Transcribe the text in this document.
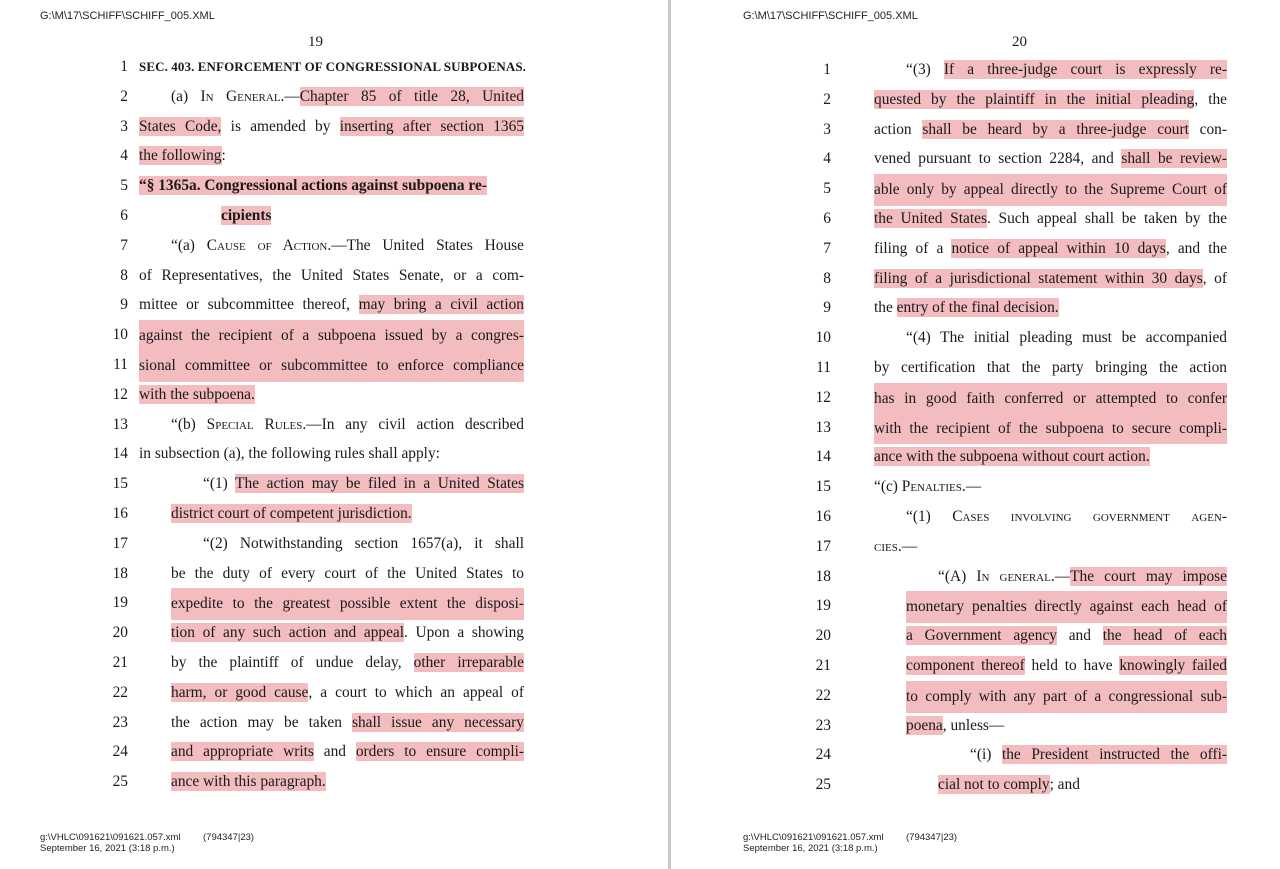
G:\M\17\SCHIFF\SCHIFF_005.XML
19
1
2
3
4
5
6
7
8
9
10
11
12
13
14
15
16
17
18
19
20
21
22
23
24
25
SEC. 403. ENFORCEMENT OF CONGRESSIONAL SUBPOENAS.
(a) In General.—Chapter 85 of title 28, United
States Code, is amended by inserting after section 1365
the following:
“§ 1365a. Congressional actions against subpoena re-
cipients
“(a) Cause of Action.—The United States House
of Representatives, the United States Senate, or a com-
mittee or subcommittee thereof, may bring a civil action
against the recipient of a subpoena issued by a congres-
sional committee or subcommittee to enforce compliance
with the subpoena.
“(b) Special Rules.—In any civil action described
in subsection (a), the following rules shall apply:
“(1) The action may be filed in a United States
district court of competent jurisdiction.
“(2) Notwithstanding section 1657(a), it shall
be the duty of every court of the United States to
expedite to the greatest possible extent the disposi-
tion of any such action and appeal. Upon a showing
by the plaintiff of undue delay, other irreparable
harm, or good cause, a court to which an appeal of
the action may be taken shall issue any necessary
and appropriate writs and orders to ensure compli-
ance with this paragraph.
g:\VHLC\091621\091621.057.xml (794347|23)
September 16, 2021 (3:18 p.m.)
G:\M\17\SCHIFF\SCHIFF_005.XML
20
1
2
3
4
5
6
7
8
9
10
11
12
13
14
15
16
17
18
19
20
21
22
23
24
25
“(3) If a three-judge court is expressly re-
quested by the plaintiff in the initial pleading, the
action shall be heard by a three-judge court con-
vened pursuant to section 2284, and shall be review-
able only by appeal directly to the Supreme Court of
the United States. Such appeal shall be taken by the
filing of a notice of appeal within 10 days, and the
filing of a jurisdictional statement within 30 days, of
the entry of the final decision.
“(4) The initial pleading must be accompanied
by certification that the party bringing the action
has in good faith conferred or attempted to confer
with the recipient of the subpoena to secure compli-
ance with the subpoena without court action.
“(c) Penalties.—
“(1) Cases involving government agen-
cies.—
“(A) In general.—The court may impose
monetary penalties directly against each head of
a Government agency and the head of each
component thereof held to have knowingly failed
to comply with any part of a congressional sub-
poena, unless—
“(i) the President instructed the offi-
cial not to comply; and
g:\VHLC\091621\091621.057.xml (794347|23)
September 16, 2021 (3:18 p.m.)
